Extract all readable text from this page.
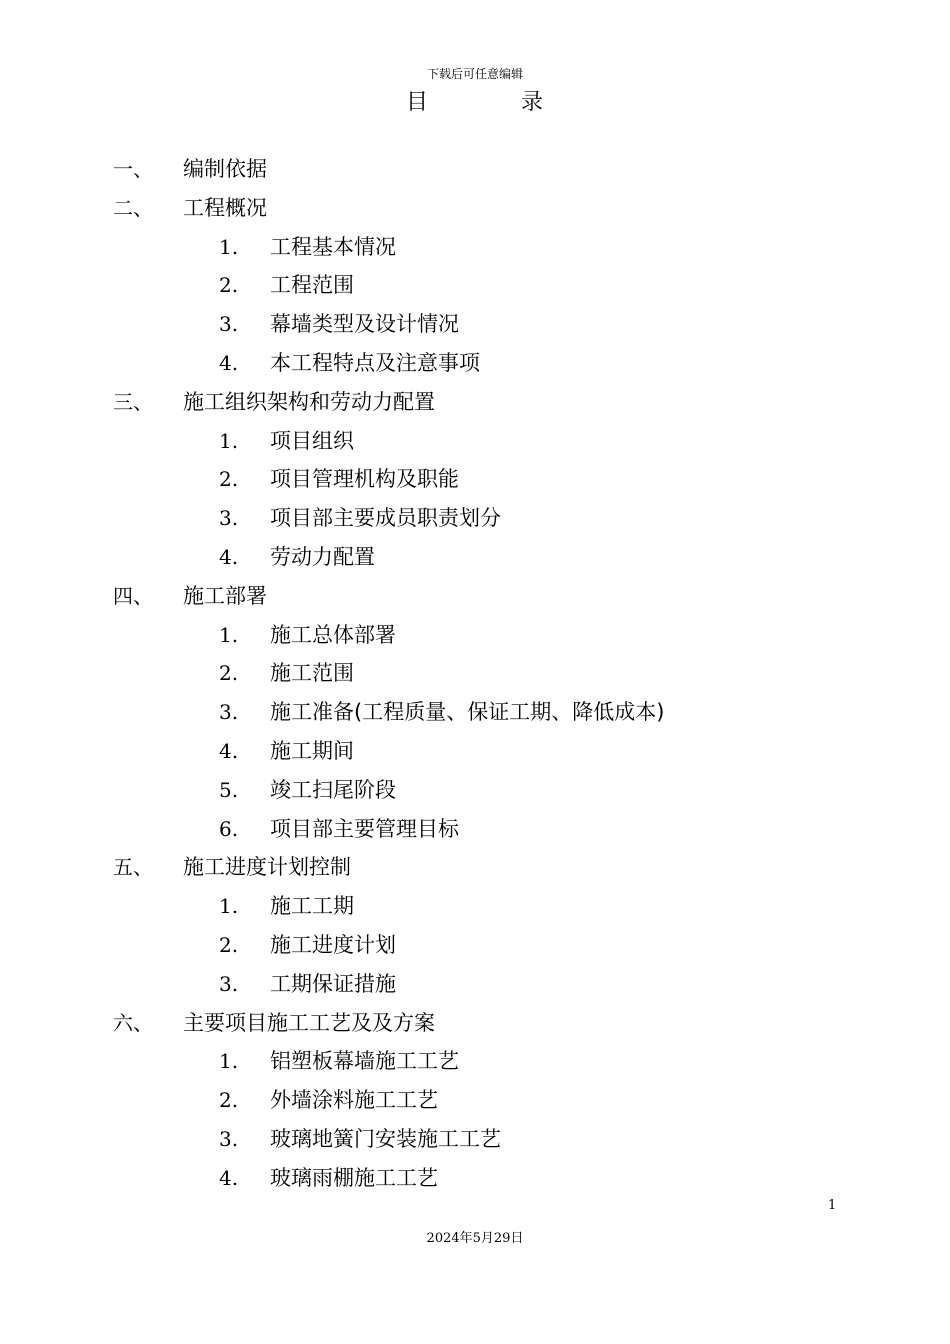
下载后可任意编辑
目	录
一、 编制依据
二、 工程概况
1. 工程基本情况
2. 工程范围
3. 幕墙类型及设计情况
4. 本工程特点及注意事项
三、 施工组织架构和劳动力配置
1. 项目组织
2. 项目管理机构及职能
3. 项目部主要成员职责划分
4. 劳动力配置
四、 施工部署
1. 施工总体部署
2. 施工范围
3. 施工准备(工程质量、保证工期、降低成本)
4. 施工期间
5. 竣工扫尾阶段
6. 项目部主要管理目标
五、 施工进度计划控制
1. 施工工期
2. 施工进度计划
3. 工期保证措施
六、 主要项目施工工艺及及方案
1. 铝塑板幕墙施工工艺
2. 外墙涂料施工工艺
3. 玻璃地簧门安装施工工艺
4. 玻璃雨棚施工工艺
1
2024年5月29日
